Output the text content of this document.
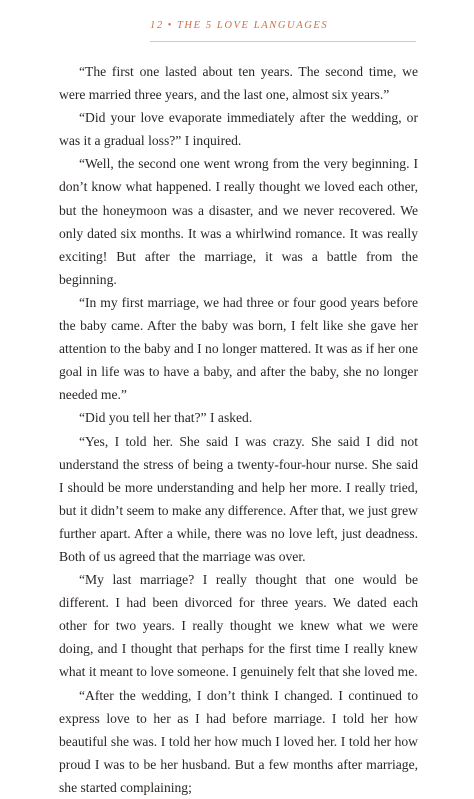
12 • THE 5 LOVE LANGUAGES

“The first one lasted about ten years. The second time, we were married three years, and the last one, almost six years.”

“Did your love evaporate immediately after the wedding, or was it a gradual loss?” I inquired.

“Well, the second one went wrong from the very beginning. I don’t know what happened. I really thought we loved each other, but the honeymoon was a disaster, and we never recovered. We only dated six months. It was a whirlwind romance. It was really exciting! But after the marriage, it was a battle from the beginning.

“In my first marriage, we had three or four good years before the baby came. After the baby was born, I felt like she gave her attention to the baby and I no longer mattered. It was as if her one goal in life was to have a baby, and after the baby, she no longer needed me.”

“Did you tell her that?” I asked.

“Yes, I told her. She said I was crazy. She said I did not understand the stress of being a twenty-four-hour nurse. She said I should be more understanding and help her more. I really tried, but it didn’t seem to make any difference. After that, we just grew further apart. After a while, there was no love left, just deadness. Both of us agreed that the marriage was over.

“My last marriage? I really thought that one would be different. I had been divorced for three years. We dated each other for two years. I really thought we knew what we were doing, and I thought that perhaps for the first time I really knew what it meant to love someone. I genuinely felt that she loved me.

“After the wedding, I don’t think I changed. I continued to express love to her as I had before marriage. I told her how beautiful she was. I told her how much I loved her. I told her how proud I was to be her husband. But a few months after marriage, she started complaining;
